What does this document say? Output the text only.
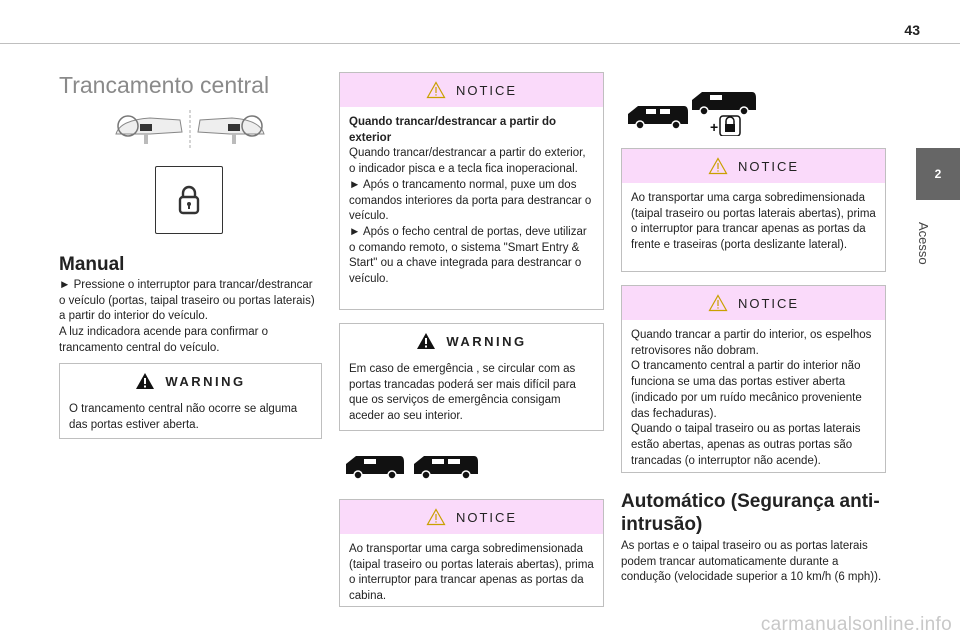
43
2
Acesso
Trancamento central
Manual

► Pressione o interruptor para trancar/destrancar o veículo (portas, taipal traseiro ou portas laterais) a partir do interior do veículo.

A luz indicadora acende para confirmar o trancamento central do veículo.

WARNING
O trancamento central não ocorre se alguma das portas estiver aberta.
NOTICE

Quando trancar/destrancar a partir do exterior

Quando trancar/destrancar a partir do exterior, o indicador pisca e a tecla fica inoperacional.

► Após o trancamento normal, puxe um dos comandos interiores da porta para destrancar o veículo.

► Após o fecho central de portas, deve utilizar o comando remoto, o sistema "Smart Entry & Start" ou a chave integrada para destrancar o veículo.

WARNING
Em caso de emergência , se circular com as portas trancadas poderá ser mais difícil para que os serviços de emergência consigam aceder ao seu interior.
NOTICE
Ao transportar uma carga sobredimensionada (taipal traseiro ou portas laterais abertas), prima o interruptor para trancar apenas as portas da cabina.
+
NOTICE
Ao transportar uma carga sobredimensionada (taipal traseiro ou portas laterais abertas), prima o interruptor para trancar apenas as portas da frente e traseiras (porta deslizante lateral).
NOTICE

Quando trancar a partir do interior, os espelhos retrovisores não dobram.

O trancamento central a partir do interior não funciona se uma das portas estiver aberta (indicado por um ruído mecânico proveniente das fechaduras).

Quando o taipal traseiro ou as portas laterais estão abertas, apenas as outras portas são trancadas (o interruptor não acende).

Automático (Segurança anti-intrusão)
As portas e o taipal traseiro ou as portas laterais podem trancar automaticamente durante a condução (velocidade superior a 10 km/h (6 mph)).
carmanualsonline.info
